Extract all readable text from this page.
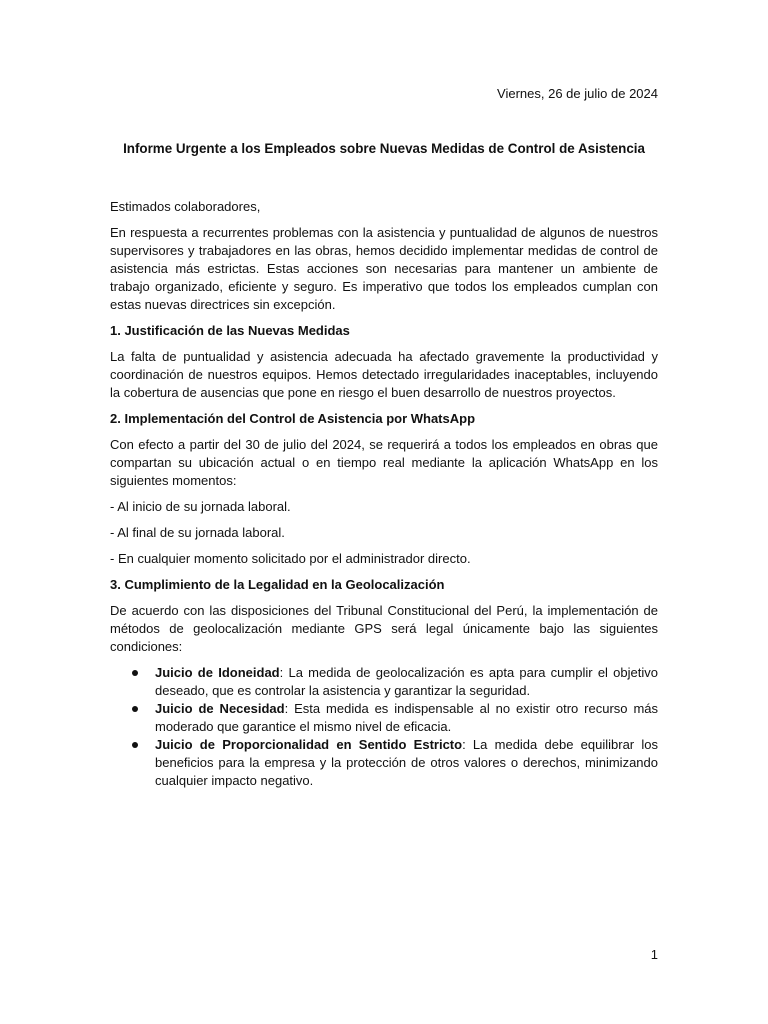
Viernes, 26 de julio de 2024
Informe Urgente a los Empleados sobre Nuevas Medidas de Control de Asistencia

Estimados colaboradores,

En respuesta a recurrentes problemas con la asistencia y puntualidad de algunos de nuestros supervisores y trabajadores en las obras, hemos decidido implementar medidas de control de asistencia más estrictas. Estas acciones son necesarias para mantener un ambiente de trabajo organizado, eficiente y seguro. Es imperativo que todos los empleados cumplan con estas nuevas directrices sin excepción.

1. Justificación de las Nuevas Medidas

La falta de puntualidad y asistencia adecuada ha afectado gravemente la productividad y coordinación de nuestros equipos. Hemos detectado irregularidades inaceptables, incluyendo la cobertura de ausencias que pone en riesgo el buen desarrollo de nuestros proyectos.

2. Implementación del Control de Asistencia por WhatsApp

Con efecto a partir del 30 de julio del 2024, se requerirá a todos los empleados en obras que compartan su ubicación actual o en tiempo real mediante la aplicación WhatsApp en los siguientes momentos:

- Al inicio de su jornada laboral.

- Al final de su jornada laboral.

- En cualquier momento solicitado por el administrador directo.

3. Cumplimiento de la Legalidad en la Geolocalización

De acuerdo con las disposiciones del Tribunal Constitucional del Perú, la implementación de métodos de geolocalización mediante GPS será legal únicamente bajo las siguientes condiciones:

Juicio de Idoneidad: La medida de geolocalización es apta para cumplir el objetivo deseado, que es controlar la asistencia y garantizar la seguridad.
Juicio de Necesidad: Esta medida es indispensable al no existir otro recurso más moderado que garantice el mismo nivel de eficacia.
Juicio de Proporcionalidad en Sentido Estricto: La medida debe equilibrar los beneficios para la empresa y la protección de otros valores o derechos, minimizando cualquier impacto negativo.
1
